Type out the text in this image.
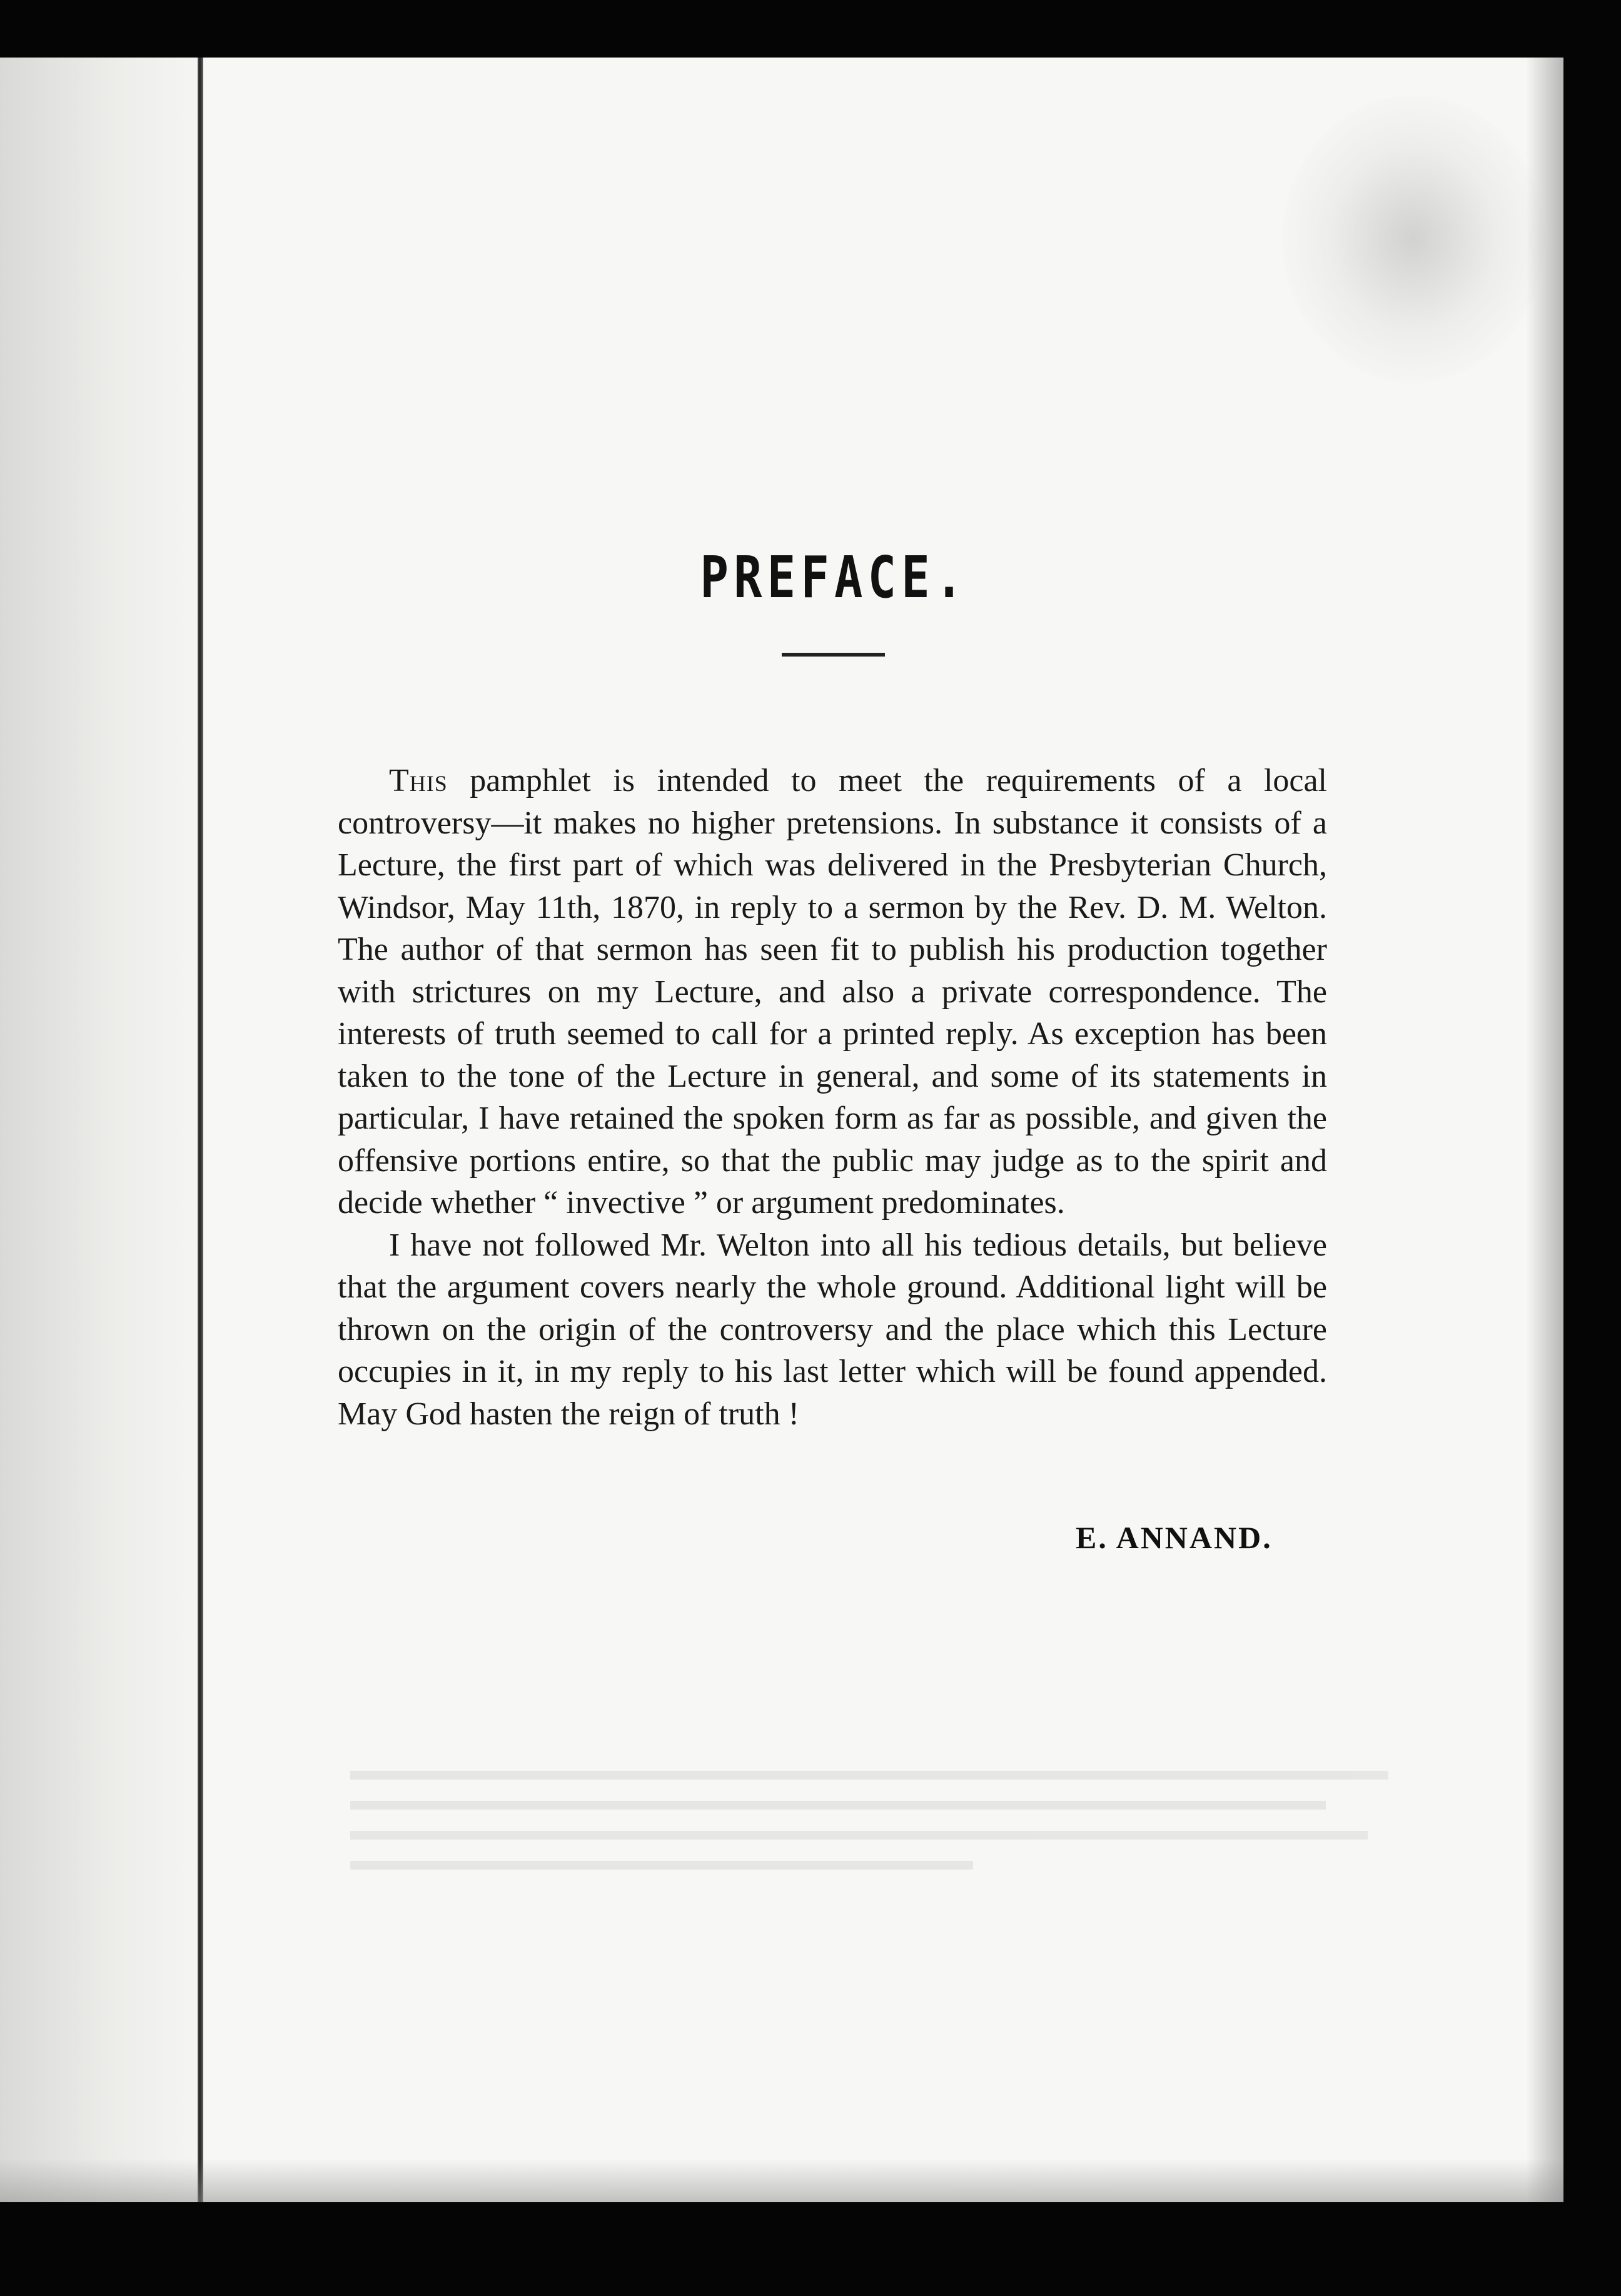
PREFACE.

This pamphlet is intended to meet the requirements of a local controversy—it makes no higher pretensions. In substance it consists of a Lecture, the first part of which was delivered in the Presbyterian Church, Windsor, May 11th, 1870, in reply to a sermon by the Rev. D. M. Welton. The author of that sermon has seen fit to publish his production together with strictures on my Lecture, and also a private correspondence. The interests of truth seemed to call for a printed reply. As exception has been taken to the tone of the Lecture in general, and some of its statements in particular, I have retained the spoken form as far as possible, and given the offensive portions entire, so that the public may judge as to the spirit and decide whether “ invective ” or argument predominates.

I have not followed Mr. Welton into all his tedious details, but believe that the argument covers nearly the whole ground. Additional light will be thrown on the origin of the controversy and the place which this Lecture occupies in it, in my reply to his last letter which will be found appended. May God hasten the reign of truth !

E. ANNAND.
